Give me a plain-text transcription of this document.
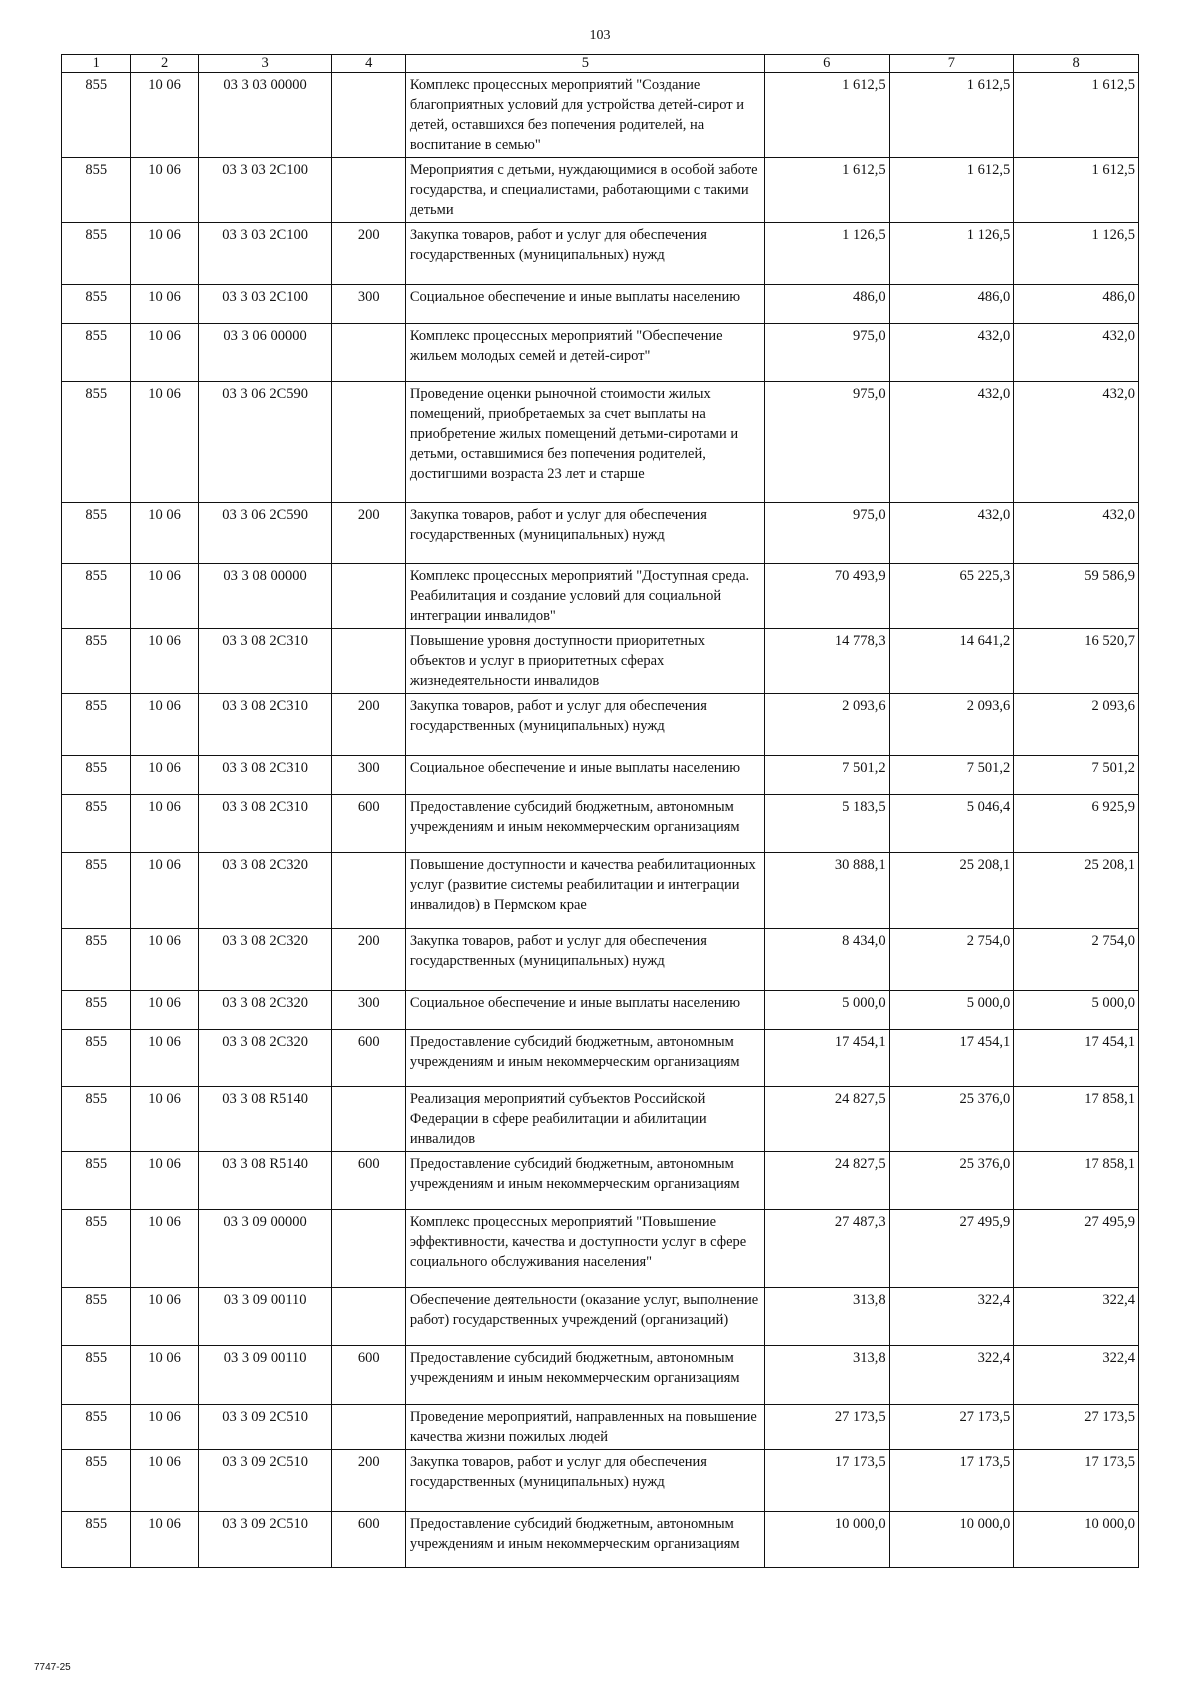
103
1	2	3	4	5	6	7	8
855	10 06	03 3 03 00000		Комплекс процессных мероприятий "Создание благоприятных условий для устройства детей-сирот и детей, оставшихся без попечения родителей, на воспитание в семью"	1 612,5	1 612,5	1 612,5
855	10 06	03 3 03 2С100		Мероприятия с детьми, нуждающимися в особой заботе государства, и специалистами, работающими с такими детьми	1 612,5	1 612,5	1 612,5
855	10 06	03 3 03 2С100	200	Закупка товаров, работ и услуг для обеспечения государственных (муниципальных) нужд	1 126,5	1 126,5	1 126,5
855	10 06	03 3 03 2С100	300	Социальное обеспечение и иные выплаты населению	486,0	486,0	486,0
855	10 06	03 3 06 00000		Комплекс процессных мероприятий "Обеспечение жильем молодых семей и детей-сирот"	975,0	432,0	432,0
855	10 06	03 3 06 2С590		Проведение оценки рыночной стоимости жилых помещений, приобретаемых за счет выплаты на приобретение жилых помещений детьми-сиротами и детьми, оставшимися без попечения родителей, достигшими возраста 23 лет и старше	975,0	432,0	432,0
855	10 06	03 3 06 2С590	200	Закупка товаров, работ и услуг для обеспечения государственных (муниципальных) нужд	975,0	432,0	432,0
855	10 06	03 3 08 00000		Комплекс процессных мероприятий "Доступная среда. Реабилитация и создание условий для социальной интеграции инвалидов"	70 493,9	65 225,3	59 586,9
855	10 06	03 3 08 2С310		Повышение уровня доступности приоритетных объектов и услуг в приоритетных сферах жизнедеятельности инвалидов	14 778,3	14 641,2	16 520,7
855	10 06	03 3 08 2С310	200	Закупка товаров, работ и услуг для обеспечения государственных (муниципальных) нужд	2 093,6	2 093,6	2 093,6
855	10 06	03 3 08 2С310	300	Социальное обеспечение и иные выплаты населению	7 501,2	7 501,2	7 501,2
855	10 06	03 3 08 2С310	600	Предоставление субсидий бюджетным, автономным учреждениям и иным некоммерческим организациям	5 183,5	5 046,4	6 925,9
855	10 06	03 3 08 2С320		Повышение доступности и качества реабилитационных услуг (развитие системы реабилитации и интеграции инвалидов) в Пермском крае	30 888,1	25 208,1	25 208,1
855	10 06	03 3 08 2С320	200	Закупка товаров, работ и услуг для обеспечения государственных (муниципальных) нужд	8 434,0	2 754,0	2 754,0
855	10 06	03 3 08 2С320	300	Социальное обеспечение и иные выплаты населению	5 000,0	5 000,0	5 000,0
855	10 06	03 3 08 2С320	600	Предоставление субсидий бюджетным, автономным учреждениям и иным некоммерческим организациям	17 454,1	17 454,1	17 454,1
855	10 06	03 3 08 R5140		Реализация мероприятий субъектов Российской Федерации в сфере реабилитации и абилитации инвалидов	24 827,5	25 376,0	17 858,1
855	10 06	03 3 08 R5140	600	Предоставление субсидий бюджетным, автономным учреждениям и иным некоммерческим организациям	24 827,5	25 376,0	17 858,1
855	10 06	03 3 09 00000		Комплекс процессных мероприятий "Повышение эффективности, качества и доступности услуг в сфере социального обслуживания населения"	27 487,3	27 495,9	27 495,9
855	10 06	03 3 09 00110		Обеспечение деятельности (оказание услуг, выполнение работ) государственных учреждений (организаций)	313,8	322,4	322,4
855	10 06	03 3 09 00110	600	Предоставление субсидий бюджетным, автономным учреждениям и иным некоммерческим организациям	313,8	322,4	322,4
855	10 06	03 3 09 2С510		Проведение мероприятий, направленных на повышение качества жизни пожилых людей	27 173,5	27 173,5	27 173,5
855	10 06	03 3 09 2С510	200	Закупка товаров, работ и услуг для обеспечения государственных (муниципальных) нужд	17 173,5	17 173,5	17 173,5
855	10 06	03 3 09 2С510	600	Предоставление субсидий бюджетным, автономным учреждениям и иным некоммерческим организациям	10 000,0	10 000,0	10 000,0
7747-25
